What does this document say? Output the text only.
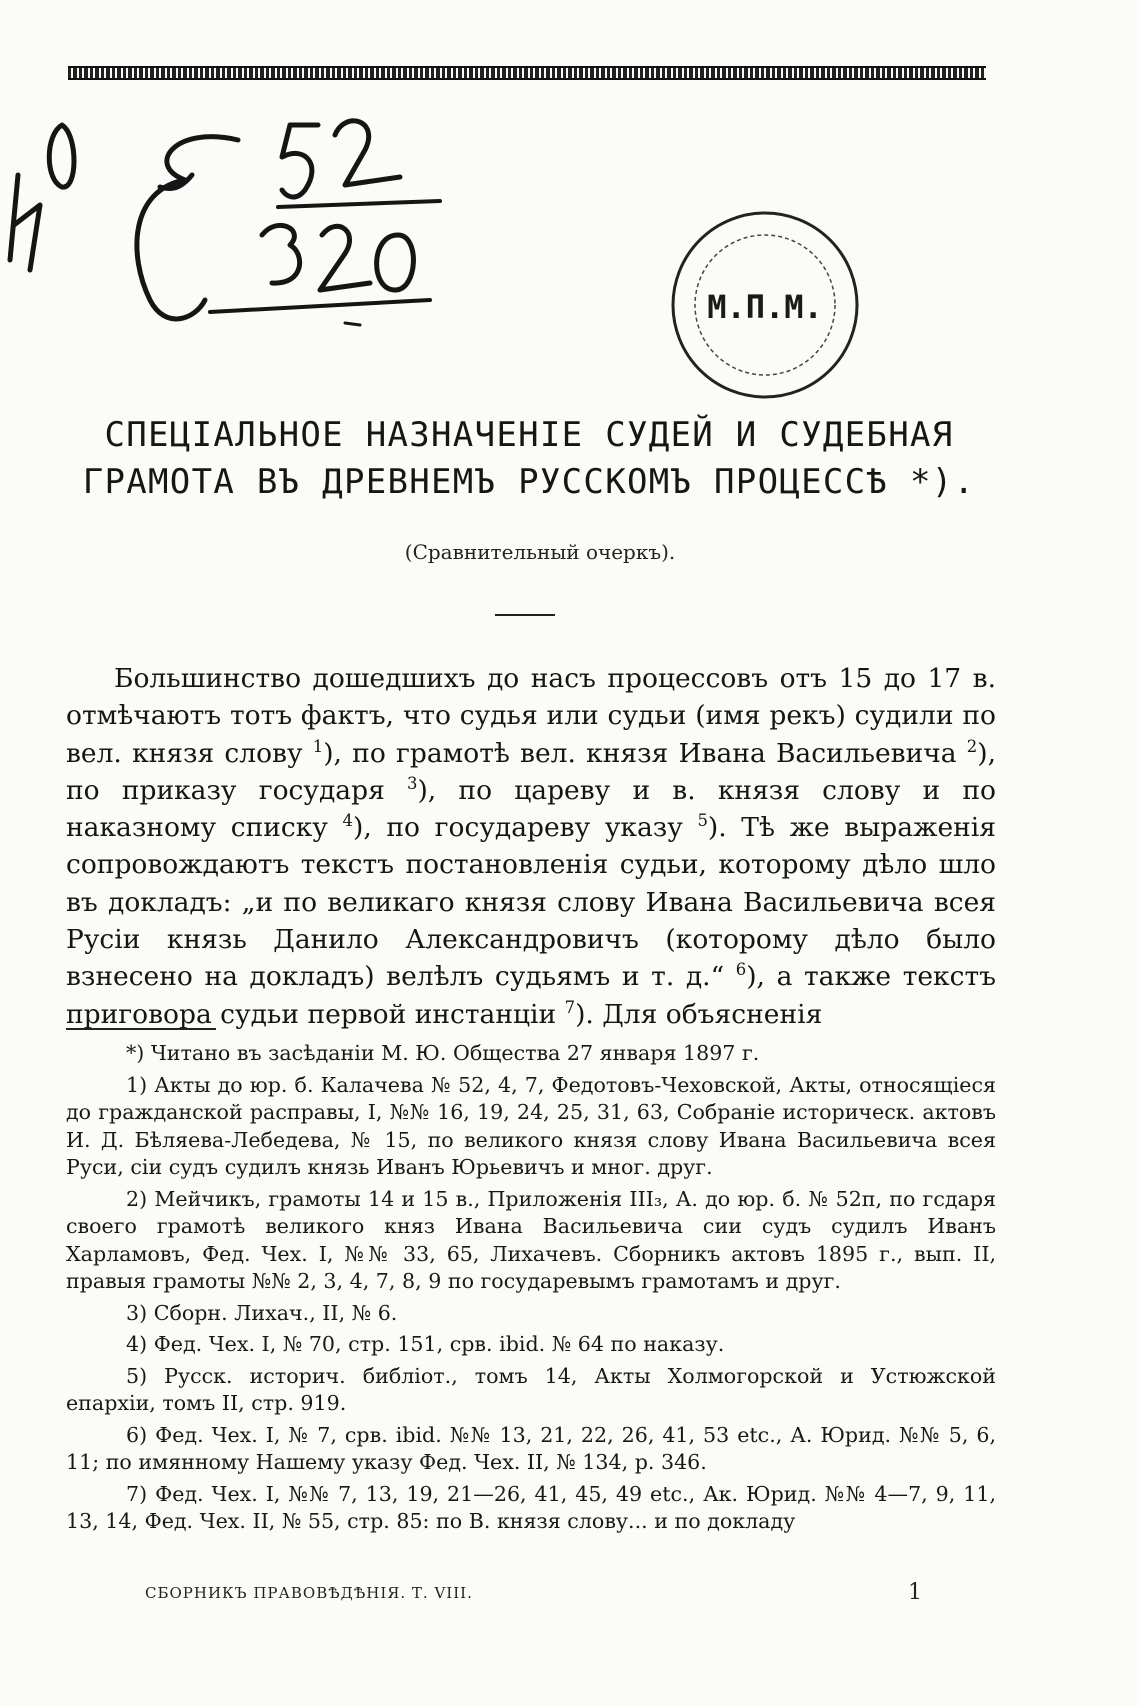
М.П.М.
СПЕЦІАЛЬНОЕ НАЗНАЧЕНІЕ СУДЕЙ И СУДЕБНАЯ
ГРАМОТА ВЪ ДРЕВНЕМЪ РУССКОМЪ ПРОЦЕССѢ *).
(Сравнительный очеркъ).

Большинство дошедшихъ до насъ процессовъ отъ 15 до 17 в. отмѣчаютъ тотъ фактъ, что судья или судьи (имя рекъ) судили по вел. князя слову $^1$), по грамотѣ вел. князя Ивана Васильевича $^2$), по приказу государя $^3$), по цареву и в. князя слову и по наказному списку $^4$), по государеву указу $^5$). Тѣ же выраженія сопровождаютъ текстъ постановленія судьи, которому дѣло шло въ докладъ: „и по великаго князя слову Ивана Васильевича всея Русіи князь Данило Александровичъ (которому дѣло было взнесено на докладъ) велѣлъ судьямъ и т. д.“ $^6$), а также текстъ приговора судьи первой инстанціи $^7$). Для объясненія

*) Читано въ засѣданіи М. Ю. Общества 27 января 1897 г.

1) Акты до юр. б. Калачева № 52, 4, 7, Федотовъ-Чеховской, Акты, относящіеся до гражданской расправы, I, №№ 16, 19, 24, 25, 31, 63, Собраніе историческ. актовъ И. Д. Бѣляева-Лебедева, № 15, по великого князя слову Ивана Васильевича всея Руси, сіи судъ судилъ князь Иванъ Юрьевичъ и мног. друг.

2) Мейчикъ, грамоты 14 и 15 в., Приложенія III₃, А. до юр. б. № 52п, по гсдаря своего грамотѣ великого княз Ивана Васильевича сии судъ судилъ Иванъ Харламовъ, Фед. Чех. I, №№ 33, 65, Лихачевъ. Сборникъ актовъ 1895 г., вып. II, правыя грамоты №№ 2, 3, 4, 7, 8, 9 по государевымъ грамотамъ и друг.

3) Сборн. Лихач., II, № 6.

4) Фед. Чех. I, № 70, стр. 151, срв. ibid. № 64 по наказу.

5) Русск. историч. библіот., томъ 14, Акты Холмогорской и Устюжской епархіи, томъ II, стр. 919.

6) Фед. Чех. I, № 7, срв. ibid. №№ 13, 21, 22, 26, 41, 53 etc., А. Юрид. №№ 5, 6, 11; по имянному Нашему указу Фед. Чех. II, № 134, р. 346.

7) Фед. Чех. I, №№ 7, 13, 19, 21—26, 41, 45, 49 etc., Ак. Юрид. №№ 4—7, 9, 11, 13, 14, Фед. Чех. II, № 55, стр. 85: по В. князя слову... и по докладу

СБОРНИКЪ ПРАВОВѢДѢНІЯ. Т. VIII.	1
